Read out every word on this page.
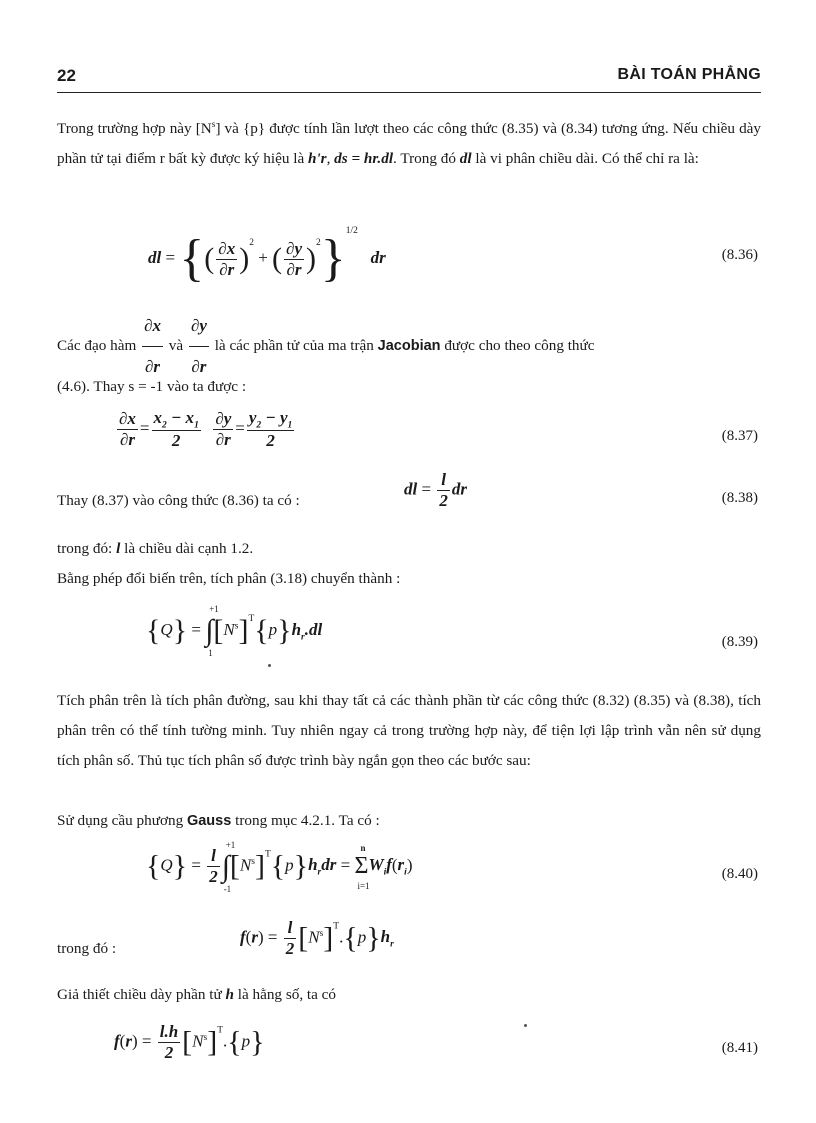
22	BÀI TOÁN PHẲNG
Trong trường hợp này $[N^s]$ và {p} được tính lần lượt theo các công thức (8.35) và (8.34) tương ứng. Nếu chiều dày phần tử tại điểm r bất kỳ được ký hiệu là h'r, ds = hr.dl. Trong đó dl là vi phân chiều dài. Có thể chỉ ra là:
dl = {( $\frac{\partial x}{\partial r} )^2$ + ( $\frac{\partial y}{\partial r} )^2\}^{1/2}$   dr	(8.36)
Các đạo hàm $\frac{\partial x}{\partial r}$ và $\frac{\partial y}{\partial r}$ là các phần tử của ma trận Jacobian được cho theo công thức
(4.6). Thay s = -1 vào ta được :
$\frac{\partial x}{\partial r} = \frac{x_2 - x_1}{2}$
$\frac{\partial y}{\partial r} = \frac{y_2 - y_1}{2}$	(8.37)
Thay (8.37) vào công thức (8.36) ta có :
dl = $\frac{l}{2}$ dr	(8.38)
trong đó: l là chiều dài cạnh 1.2.
Bằng phép đổi biến trên, tích phân (3.18) chuyển thành :
{Q} = ∫
+1
1
$[N^s]^T\{p\}h_r.dl$
(8.39)
Tích phân trên là tích phân đường, sau khi thay tất cả các thành phần từ các công thức (8.32) (8.35) và (8.38), tích phân trên có thể tính tường minh. Tuy nhiên ngay cả trong trường hợp này, để tiện lợi lập trình vẫn nên sử dụng tích phân số. Thủ tục tích phân số được trình bày ngắn gọn theo các bước sau:
Sử dụng cầu phương Gauss trong mục 4.2.1. Ta có :
$\{Q\} = \frac{l}{2}$ ∫
+1
-1
$[N^s]^T\{p\}h_rdr = \Sigma$
n
i=1
$W_if(r_i)$	(8.40)
trong đó :
$f(r) = \frac{l}{2} [N^s]^T.\{p\}h_r$
Giả thiết chiều dày phần tử h là hằng số, ta có
$f(r) = \frac{l.h}{2} [N^s]^T.\{p\}$	(8.41)
